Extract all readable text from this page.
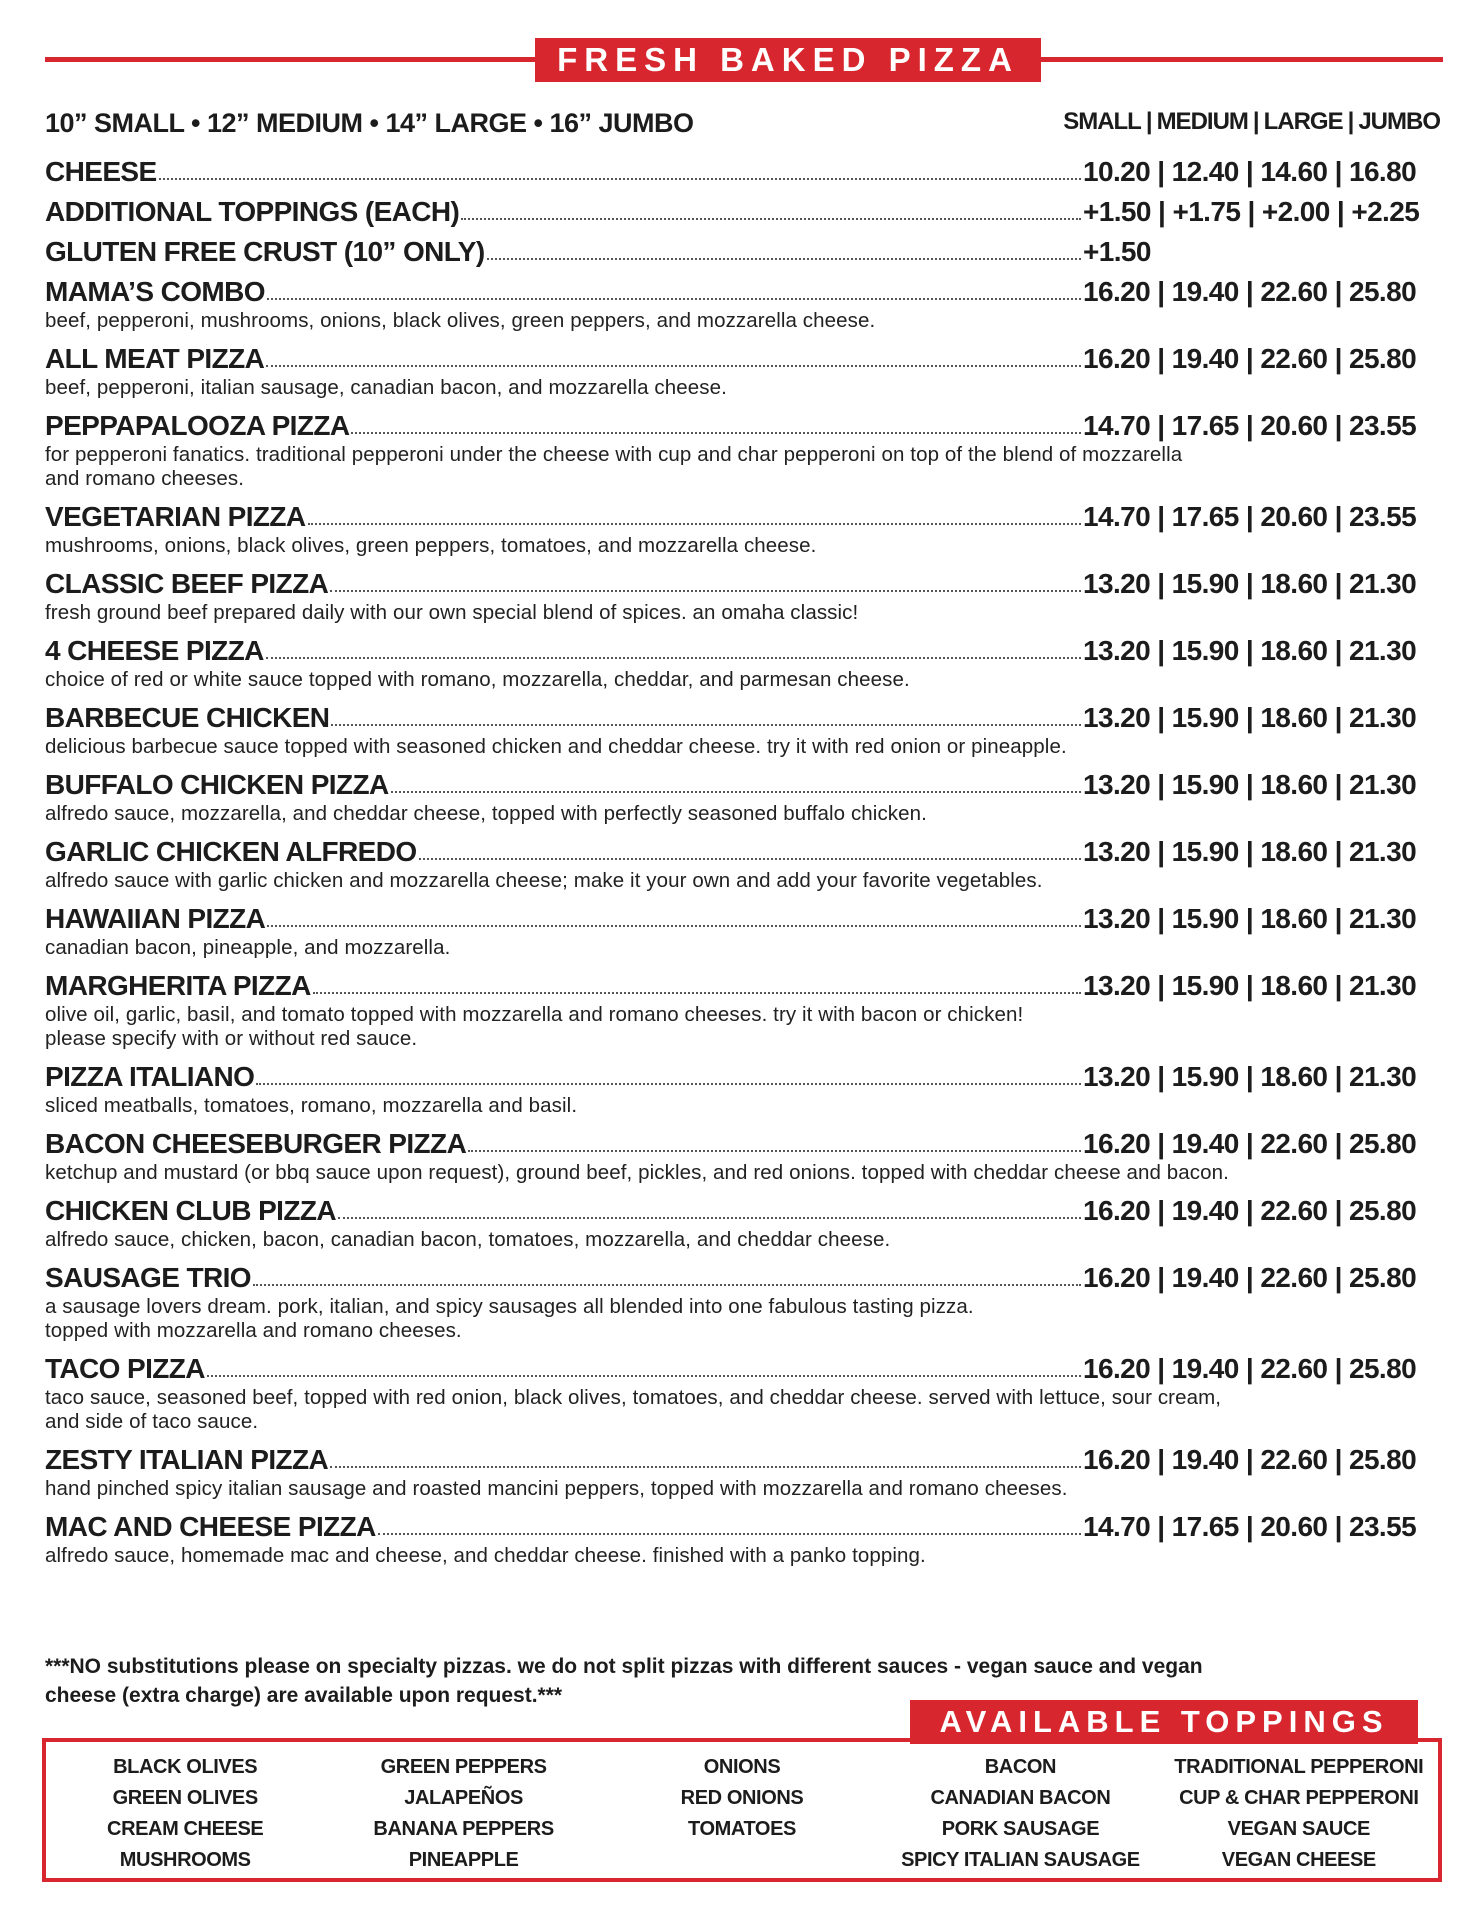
FRESH BAKED PIZZA
10” SMALL • 12” MEDIUM • 14” LARGE • 16” JUMBO	SMALL | MEDIUM | LARGE | JUMBO
CHEESE	10.20 | 12.40 | 14.60 | 16.80
ADDITIONAL TOPPINGS (EACH)	+1.50 | +1.75 | +2.00 | +2.25
GLUTEN FREE CRUST (10” ONLY)	+1.50
MAMA’S COMBO	16.20 | 19.40 | 22.60 | 25.80
beef, pepperoni, mushrooms, onions, black olives, green peppers, and mozzarella cheese.
ALL MEAT PIZZA	16.20 | 19.40 | 22.60 | 25.80
beef, pepperoni, italian sausage, canadian bacon, and mozzarella cheese.
PEPPAPALOOZA PIZZA	14.70 | 17.65 | 20.60 | 23.55
for pepperoni fanatics. traditional pepperoni under the cheese with cup and char pepperoni on top of the blend of mozzarella
and romano cheeses.
VEGETARIAN PIZZA	14.70 | 17.65 | 20.60 | 23.55
mushrooms, onions, black olives, green peppers, tomatoes, and mozzarella cheese.
CLASSIC BEEF PIZZA	13.20 | 15.90 | 18.60 | 21.30
fresh ground beef prepared daily with our own special blend of spices. an omaha classic!
4 CHEESE PIZZA	13.20 | 15.90 | 18.60 | 21.30
choice of red or white sauce topped with romano, mozzarella, cheddar, and parmesan cheese.
BARBECUE CHICKEN	13.20 | 15.90 | 18.60 | 21.30
delicious barbecue sauce topped with seasoned chicken and cheddar cheese. try it with red onion or pineapple.
BUFFALO CHICKEN PIZZA	13.20 | 15.90 | 18.60 | 21.30
alfredo sauce, mozzarella, and cheddar cheese, topped with perfectly seasoned buffalo chicken.
GARLIC CHICKEN ALFREDO	13.20 | 15.90 | 18.60 | 21.30
alfredo sauce with garlic chicken and mozzarella cheese; make it your own and add your favorite vegetables.
HAWAIIAN PIZZA	13.20 | 15.90 | 18.60 | 21.30
canadian bacon, pineapple, and mozzarella.
MARGHERITA PIZZA	13.20 | 15.90 | 18.60 | 21.30
olive oil, garlic, basil, and tomato topped with mozzarella and romano cheeses. try it with bacon or chicken!
please specify with or without red sauce.
PIZZA ITALIANO	13.20 | 15.90 | 18.60 | 21.30
sliced meatballs, tomatoes, romano, mozzarella and basil.
BACON CHEESEBURGER PIZZA	16.20 | 19.40 | 22.60 | 25.80
ketchup and mustard (or bbq sauce upon request), ground beef, pickles, and red onions. topped with cheddar cheese and bacon.
CHICKEN CLUB PIZZA	16.20 | 19.40 | 22.60 | 25.80
alfredo sauce, chicken, bacon, canadian bacon, tomatoes, mozzarella, and cheddar cheese.
SAUSAGE TRIO	16.20 | 19.40 | 22.60 | 25.80
a sausage lovers dream. pork, italian, and spicy sausages all blended into one fabulous tasting pizza.
topped with mozzarella and romano cheeses.
TACO PIZZA	16.20 | 19.40 | 22.60 | 25.80
taco sauce, seasoned beef, topped with red onion, black olives, tomatoes, and cheddar cheese. served with lettuce, sour cream,
and side of taco sauce.
ZESTY ITALIAN PIZZA	16.20 | 19.40 | 22.60 | 25.80
hand pinched spicy italian sausage and roasted mancini peppers, topped with mozzarella and romano cheeses.
MAC AND CHEESE PIZZA	14.70 | 17.65 | 20.60 | 23.55
alfredo sauce, homemade mac and cheese, and cheddar cheese. finished with a panko topping.
***NO substitutions please on specialty pizzas. we do not split pizzas with different sauces - vegan sauce and vegan
cheese (extra charge) are available upon request.***
AVAILABLE TOPPINGS
BLACK OLIVES
GREEN OLIVES
CREAM CHEESE
MUSHROOMS
GREEN PEPPERS
JALAPEÑOS
BANANA PEPPERS
PINEAPPLE
ONIONS
RED ONIONS
TOMATOES
BACON
CANADIAN BACON
PORK SAUSAGE
SPICY ITALIAN SAUSAGE
TRADITIONAL PEPPERONI
CUP & CHAR PEPPERONI
VEGAN SAUCE
VEGAN CHEESE
